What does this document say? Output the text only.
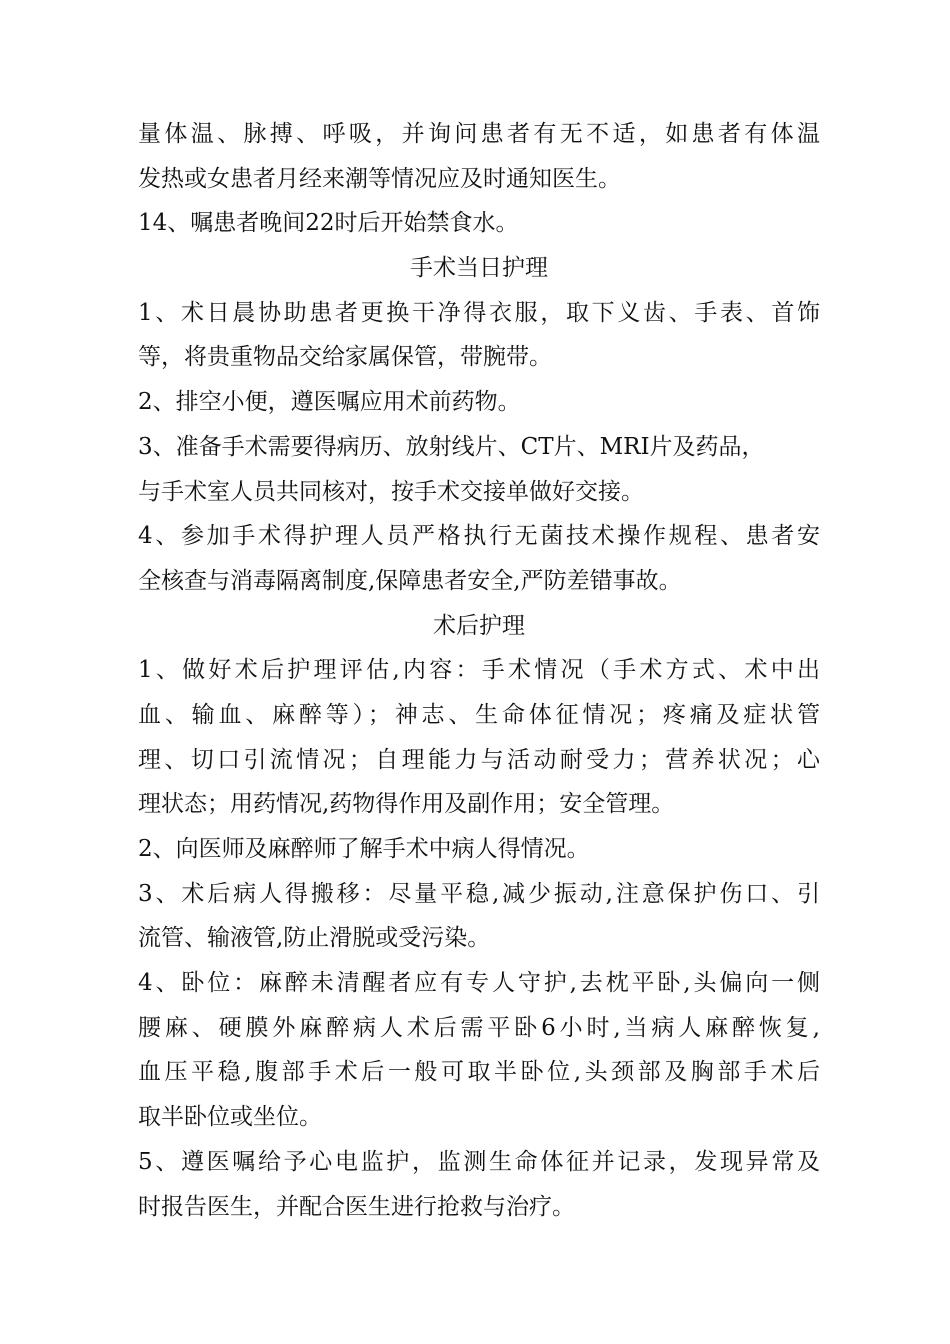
量体温、脉搏、呼吸，并询问患者有无不适，如患者有体温
发热或女患者月经来潮等情况应及时通知医生。
14、嘱患者晚间22时后开始禁食水。
手术当日护理
1、术日晨协助患者更换干净得衣服，取下义齿、手表、首饰
等，将贵重物品交给家属保管，带腕带。
2、排空小便，遵医嘱应用术前药物。
3、准备手术需要得病历、放射线片、CT片、MRI片及药品，
与手术室人员共同核对，按手术交接单做好交接。
4、参加手术得护理人员严格执行无菌技术操作规程、患者安
全核查与消毒隔离制度,保障患者安全,严防差错事故。
术后护理
1、做好术后护理评估,内容：手术情况（手术方式、术中出
血、输血、麻醉等）；神志、生命体征情况；疼痛及症状管
理、切口引流情况；自理能力与活动耐受力；营养状况；心
理状态；用药情况,药物得作用及副作用；安全管理。
2、向医师及麻醉师了解手术中病人得情况。
3、术后病人得搬移：尽量平稳,减少振动,注意保护伤口、引
流管、输液管,防止滑脱或受污染。
4、卧位：麻醉未清醒者应有专人守护,去枕平卧,头偏向一侧
腰麻、硬膜外麻醉病人术后需平卧6小时,当病人麻醉恢复,
血压平稳,腹部手术后一般可取半卧位,头颈部及胸部手术后
取半卧位或坐位。
5、遵医嘱给予心电监护，监测生命体征并记录，发现异常及
时报告医生，并配合医生进行抢救与治疗。
